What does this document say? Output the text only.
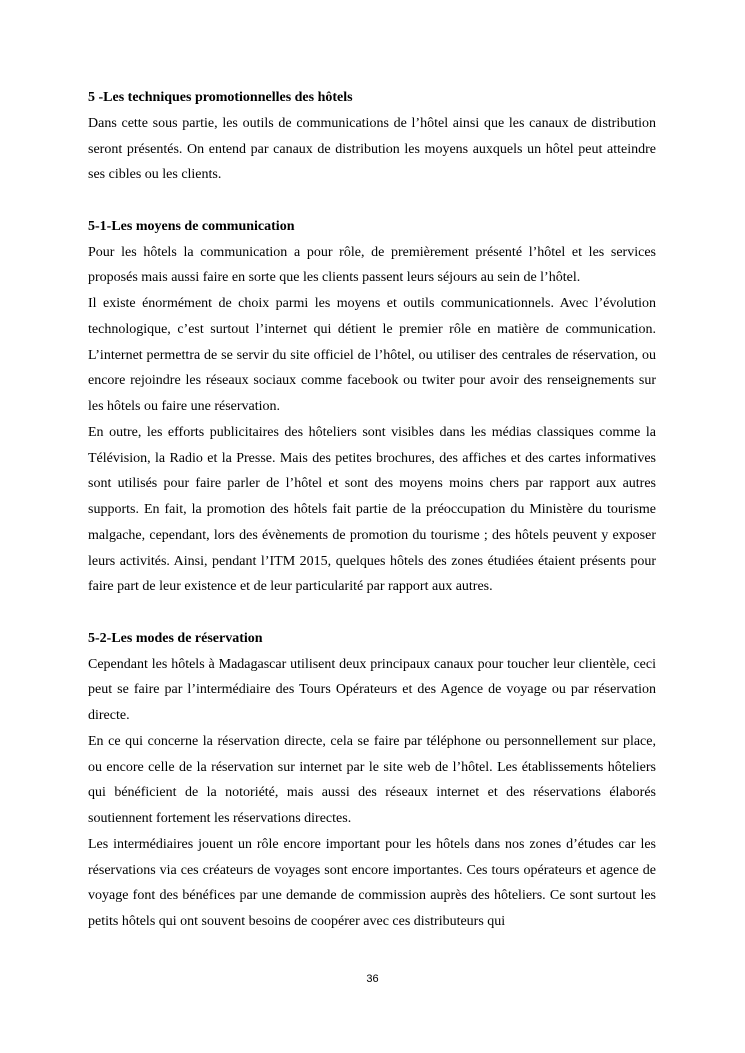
5 -Les techniques promotionnelles des hôtels

Dans cette sous partie, les outils de communications de l’hôtel ainsi que les canaux de distribution seront présentés. On entend par canaux de distribution les moyens auxquels un hôtel peut atteindre ses cibles ou les clients.

5-1-Les moyens de communication

Pour les hôtels la communication a pour rôle, de premièrement présenté l’hôtel et les services proposés mais aussi faire en sorte que les clients passent leurs séjours au sein de l’hôtel.

Il existe énormément de choix parmi les moyens et outils communicationnels. Avec l’évolution technologique, c’est surtout l’internet qui détient le premier rôle en matière de communication. L’internet permettra de se servir du site officiel de l’hôtel, ou utiliser des centrales de réservation, ou encore rejoindre les réseaux sociaux comme facebook ou twiter pour avoir des renseignements sur les hôtels ou faire une réservation.

En outre, les efforts publicitaires des hôteliers sont visibles dans les médias classiques comme la Télévision, la Radio et la Presse. Mais des petites brochures, des affiches et des cartes informatives sont utilisés pour faire parler de l’hôtel et sont des moyens moins chers par rapport aux autres supports. En fait, la promotion des hôtels fait partie de la préoccupation du Ministère du tourisme malgache, cependant, lors des évènements de promotion du tourisme ; des hôtels peuvent y exposer leurs activités. Ainsi, pendant l’ITM 2015, quelques hôtels des zones étudiées étaient présents pour faire part de leur existence et de leur particularité par rapport aux autres.

5-2-Les modes de réservation

Cependant les hôtels à Madagascar utilisent deux principaux canaux pour toucher leur clientèle, ceci peut se faire par l’intermédiaire des Tours Opérateurs et des Agence de voyage ou par réservation directe.

En ce qui concerne la réservation directe, cela se faire par téléphone ou personnellement sur place, ou encore celle de la réservation sur internet par le site web de l’hôtel. Les établissements hôteliers qui bénéficient de la notoriété, mais aussi des réseaux internet et des réservations élaborés soutiennent fortement les réservations directes.

Les intermédiaires jouent un rôle encore important pour les hôtels dans nos zones d’études car les réservations via ces créateurs de voyages sont encore importantes. Ces tours opérateurs et agence de voyage font des bénéfices par une demande de commission auprès des hôteliers. Ce sont surtout les petits hôtels qui ont souvent besoins de coopérer avec ces distributeurs qui

36
